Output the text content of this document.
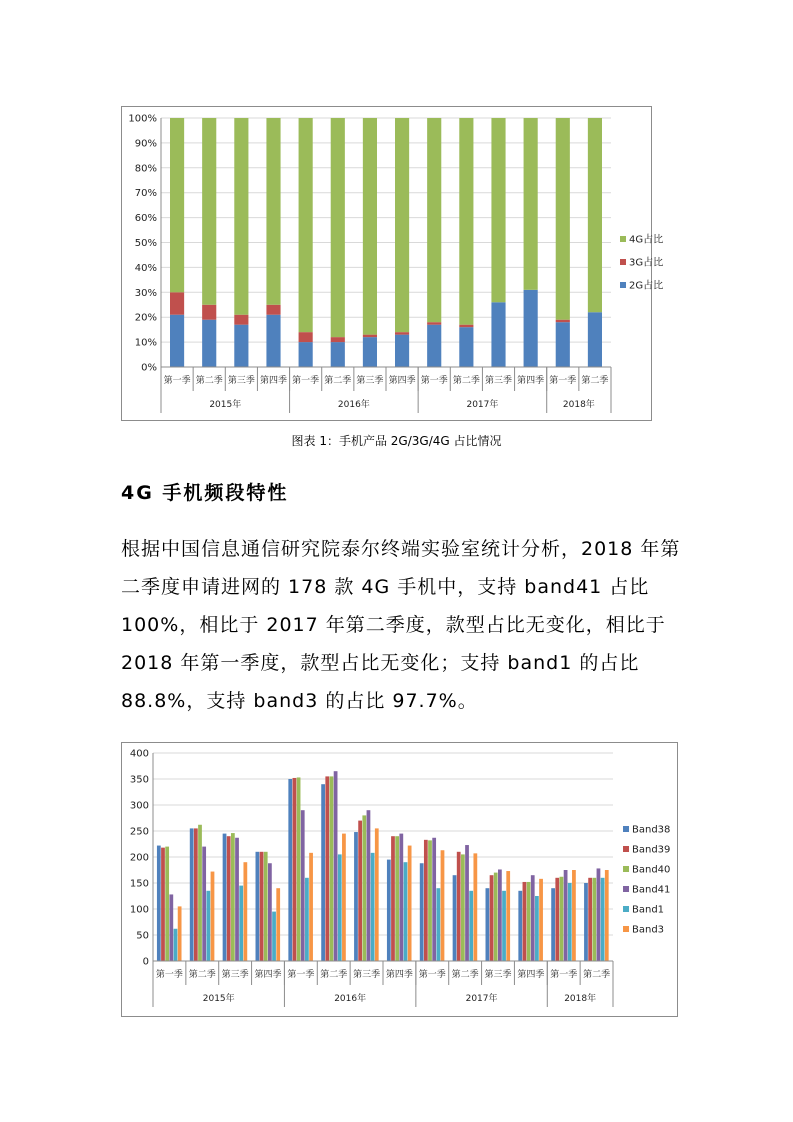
0%
10%
20%
30%
40%
50%
60%
70%
80%
90%
100%
第一季 第二季 第三季 第四季 第一季 第二季 第三季 第四季 第一季 第二季 第三季 第四季 第一季 第二季
2015年	2016年	2017年	2018年
4G占比
3G占比
2G占比
图表 1：手机产品 2G/3G/4G 占比情况
4G 手机频段特性

根据中国信息通信研究院泰尔终端实验室统计分析，2018 年第二季度申请进网的 178 款 4G 手机中，支持 band41 占比 100%，相比于 2017 年第二季度，款型占比无变化，相比于 2018 年第一季度，款型占比无变化；支持 band1 的占比 88.8%，支持 band3 的占比 97.7%。

0
50
100
150
200
250
300
350
400
第一季 第二季 第三季 第四季 第一季 第二季 第三季 第四季 第一季 第二季 第三季 第四季 第一季 第二季
2015年	2016年	2017年	2018年
Band38
Band39
Band40
Band41
Band1
Band3
